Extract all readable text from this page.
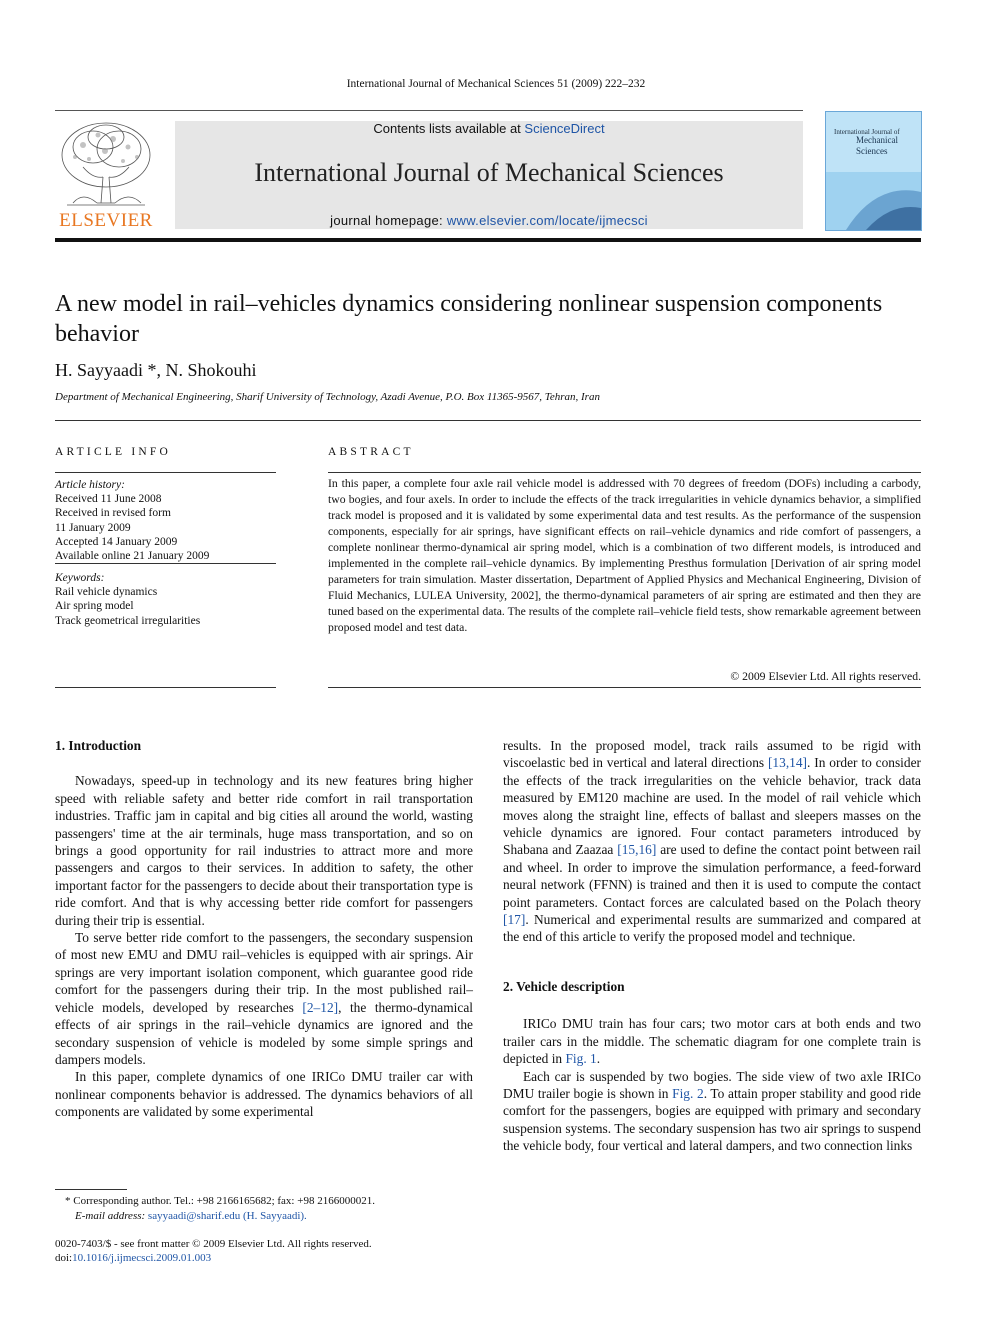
International Journal of Mechanical Sciences 51 (2009) 222–232
ELSEVIER
Contents lists available at ScienceDirect
International Journal of Mechanical Sciences
journal homepage: www.elsevier.com/locate/ijmecsci
International Journal of
Mechanical
Sciences
A new model in rail–vehicles dynamics considering nonlinear suspension components behavior
H. Sayyaadi *, N. Shokouhi
Department of Mechanical Engineering, Sharif University of Technology, Azadi Avenue, P.O. Box 11365-9567, Tehran, Iran
ARTICLE INFO
Article history:
Received 11 June 2008
Received in revised form
11 January 2009
Accepted 14 January 2009
Available online 21 January 2009
Keywords:
Rail vehicle dynamics
Air spring model
Track geometrical irregularities
ABSTRACT
In this paper, a complete four axle rail vehicle model is addressed with 70 degrees of freedom (DOFs) including a carbody, two bogies, and four axels. In order to include the effects of the track irregularities in vehicle dynamics behavior, a simplified track model is proposed and it is validated by some experimental data and test results. As the performance of the suspension components, especially for air springs, have significant effects on rail–vehicle dynamics and ride comfort of passengers, a complete nonlinear thermo-dynamical air spring model, which is a combination of two different models, is introduced and implemented in the complete rail–vehicle dynamics. By implementing Presthus formulation [Derivation of air spring model parameters for train simulation. Master dissertation, Department of Applied Physics and Mechanical Engineering, Division of Fluid Mechanics, LULEA University, 2002], the thermo-dynamical parameters of air spring are estimated and then they are tuned based on the experimental data. The results of the complete rail–vehicle field tests, show remarkable agreement between proposed model and test data.
© 2009 Elsevier Ltd. All rights reserved.
1. Introduction

Nowadays, speed-up in technology and its new features bring higher speed with reliable safety and better ride comfort in rail transportation industries. Traffic jam in capital and big cities all around the world, wasting passengers' time at the air terminals, huge mass transportation, and so on brings a good opportunity for rail industries to attract more and more passengers and cargos to their services. In addition to safety, the other important factor for the passengers to decide about their transportation type is ride comfort. And that is why accessing better ride comfort for passengers during their trip is essential.

To serve better ride comfort to the passengers, the secondary suspension of most new EMU and DMU rail–vehicles is equipped with air springs. Air springs are very important isolation component, which guarantee good ride comfort for the passengers during their trip. In the most published rail–vehicle models, developed by researches [2–12], the thermo-dynamical effects of air springs in the rail–vehicle dynamics are ignored and the secondary suspension of vehicle is modeled by some simple springs and dampers models.

In this paper, complete dynamics of one IRICo DMU trailer car with nonlinear components behavior is addressed. The dynamics behaviors of all components are validated by some experimental

results. In the proposed model, track rails assumed to be rigid with viscoelastic bed in vertical and lateral directions [13,14]. In order to consider the effects of the track irregularities on the vehicle behavior, track data measured by EM120 machine are used. In the model of rail vehicle which moves along the straight line, effects of ballast and sleepers masses on the vehicle dynamics are ignored. Four contact parameters introduced by Shabana and Zaazaa [15,16] are used to define the contact point between rail and wheel. In order to improve the simulation performance, a feed-forward neural network (FFNN) is trained and then it is used to compute the contact point parameters. Contact forces are calculated based on the Polach theory [17]. Numerical and experimental results are summarized and compared at the end of this article to verify the proposed model and technique.

2. Vehicle description

IRICo DMU train has four cars; two motor cars at both ends and two trailer cars in the middle. The schematic diagram for one complete train is depicted in Fig. 1.

Each car is suspended by two bogies. The side view of two axle IRICo DMU trailer bogie is shown in Fig. 2. To attain proper stability and good ride comfort for the passengers, bogies are equipped with primary and secondary suspension systems. The secondary suspension has two air springs to suspend the vehicle body, four vertical and lateral dampers, and two connection links

* Corresponding author. Tel.: +98 2166165682; fax: +98 2166000021.
E-mail address: sayyaadi@sharif.edu (H. Sayyaadi).
0020-7403/$ - see front matter © 2009 Elsevier Ltd. All rights reserved.
doi:10.1016/j.ijmecsci.2009.01.003
